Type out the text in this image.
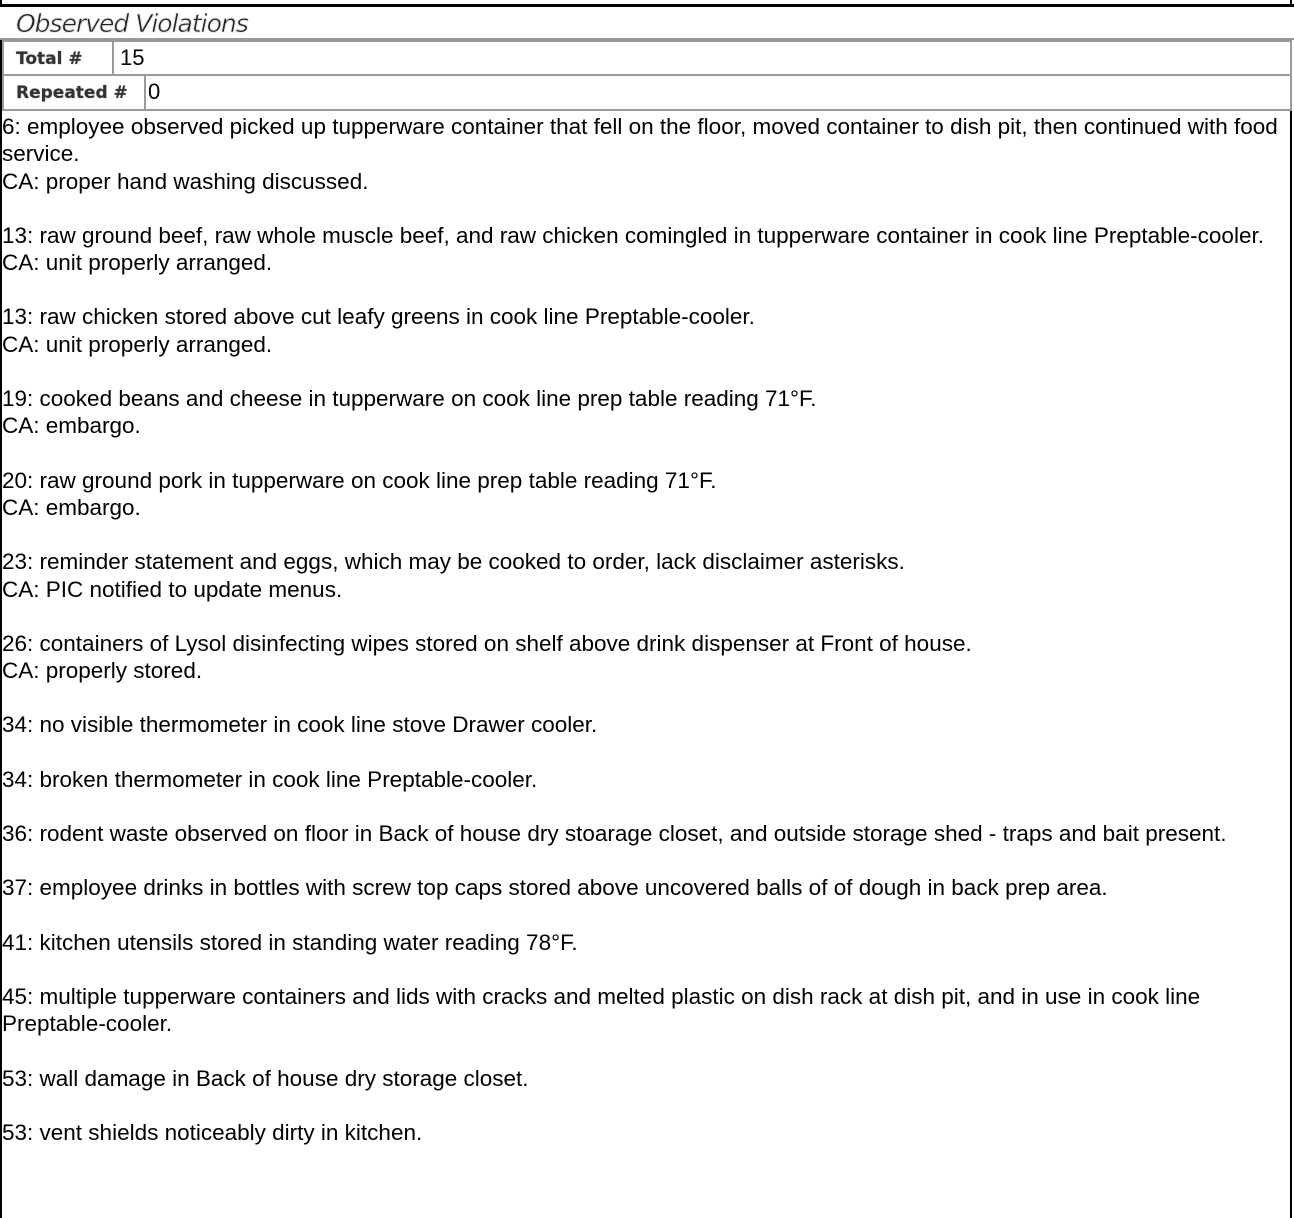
Observed Violations
Total #	15
Repeated # 0
6: employee observed picked up tupperware container that fell on the floor, moved container to dish pit, then continued with food service.
CA: proper hand washing discussed.
13: raw ground beef, raw whole muscle beef, and raw chicken comingled in tupperware container in cook line Preptable-cooler.
CA: unit properly arranged.
13: raw chicken stored above cut leafy greens in cook line Preptable-cooler.
CA: unit properly arranged.
19: cooked beans and cheese in tupperware on cook line prep table reading 71°F.
CA: embargo.
20: raw ground pork in tupperware on cook line prep table reading 71°F.
CA: embargo.
23: reminder statement and eggs, which may be cooked to order, lack disclaimer asterisks.
CA: PIC notified to update menus.
26: containers of Lysol disinfecting wipes stored on shelf above drink dispenser at Front of house.
CA: properly stored.
34: no visible thermometer in cook line stove Drawer cooler.
34: broken thermometer in cook line Preptable-cooler.
36: rodent waste observed on floor in Back of house dry stoarage closet, and outside storage shed - traps and bait present.
37: employee drinks in bottles with screw top caps stored above uncovered balls of of dough in back prep area.
41: kitchen utensils stored in standing water reading 78°F.
45: multiple tupperware containers and lids with cracks and melted plastic on dish rack at dish pit, and in use in cook line Preptable-cooler.
53: wall damage in Back of house dry storage closet.
53: vent shields noticeably dirty in kitchen.
